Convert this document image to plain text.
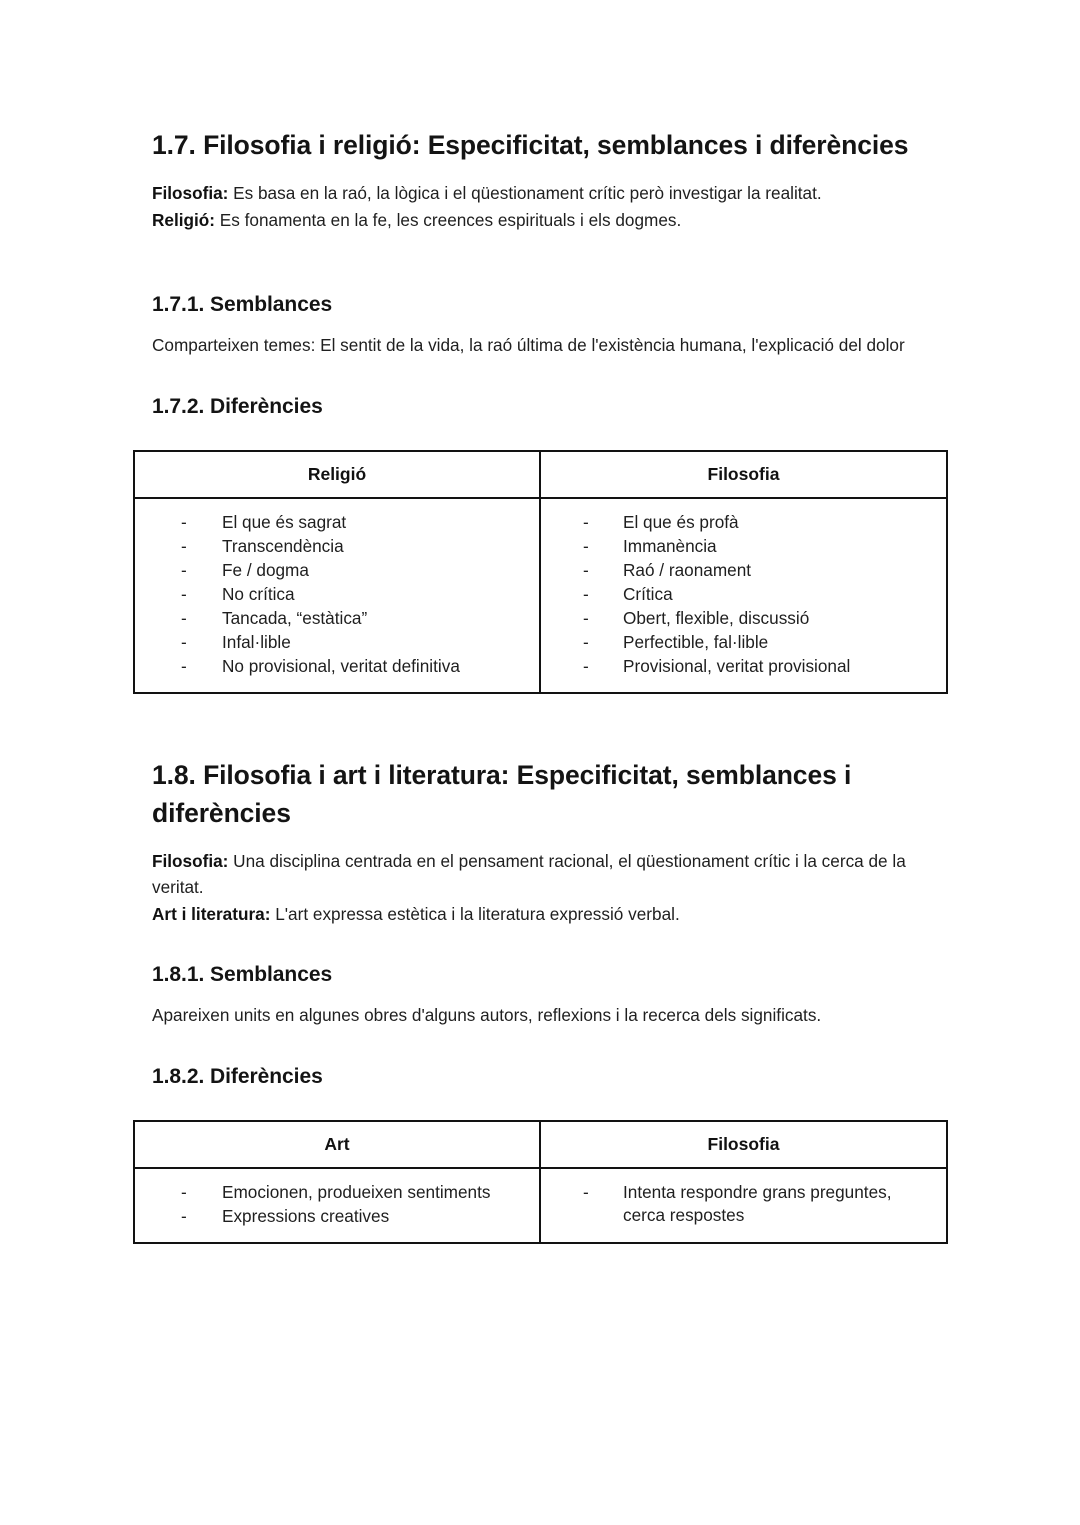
1.7. Filosofia i religió: Especificitat, semblances i diferències

Filosofia: Es basa en la raó, la lògica i el qüestionament crític però investigar la realitat.
Religió: Es fonamenta en la fe, les creences espirituals i els dogmes.

1.7.1. Semblances

Comparteixen temes: El sentit de la vida, la raó última de l'existència humana, l'explicació del dolor

1.7.2. Diferències
Religió	Filosofia

- El que és sagrat
- Transcendència
- Fe / dogma
- No crítica
- Tancada, “estàtica”
- Infal·lible
- No provisional, veritat definitiva

- El que és profà
- Immanència
- Raó / raonament
- Crítica
- Obert, flexible, discussió
- Perfectible, fal·lible
- Provisional, veritat provisional
1.8. Filosofia i art i literatura: Especificitat, semblances i diferències

Filosofia: Una disciplina centrada en el pensament racional, el qüestionament crític i la cerca de la veritat.
Art i literatura: L'art expressa estètica i la literatura expressió verbal.

1.8.1. Semblances

Apareixen units en algunes obres d'alguns autors, reflexions i la recerca dels significats.

1.8.2. Diferències
Art	Filosofia

- Emocionen, produeixen sentiments
- Expressions creatives

- Intenta respondre grans preguntes, cerca respostes
